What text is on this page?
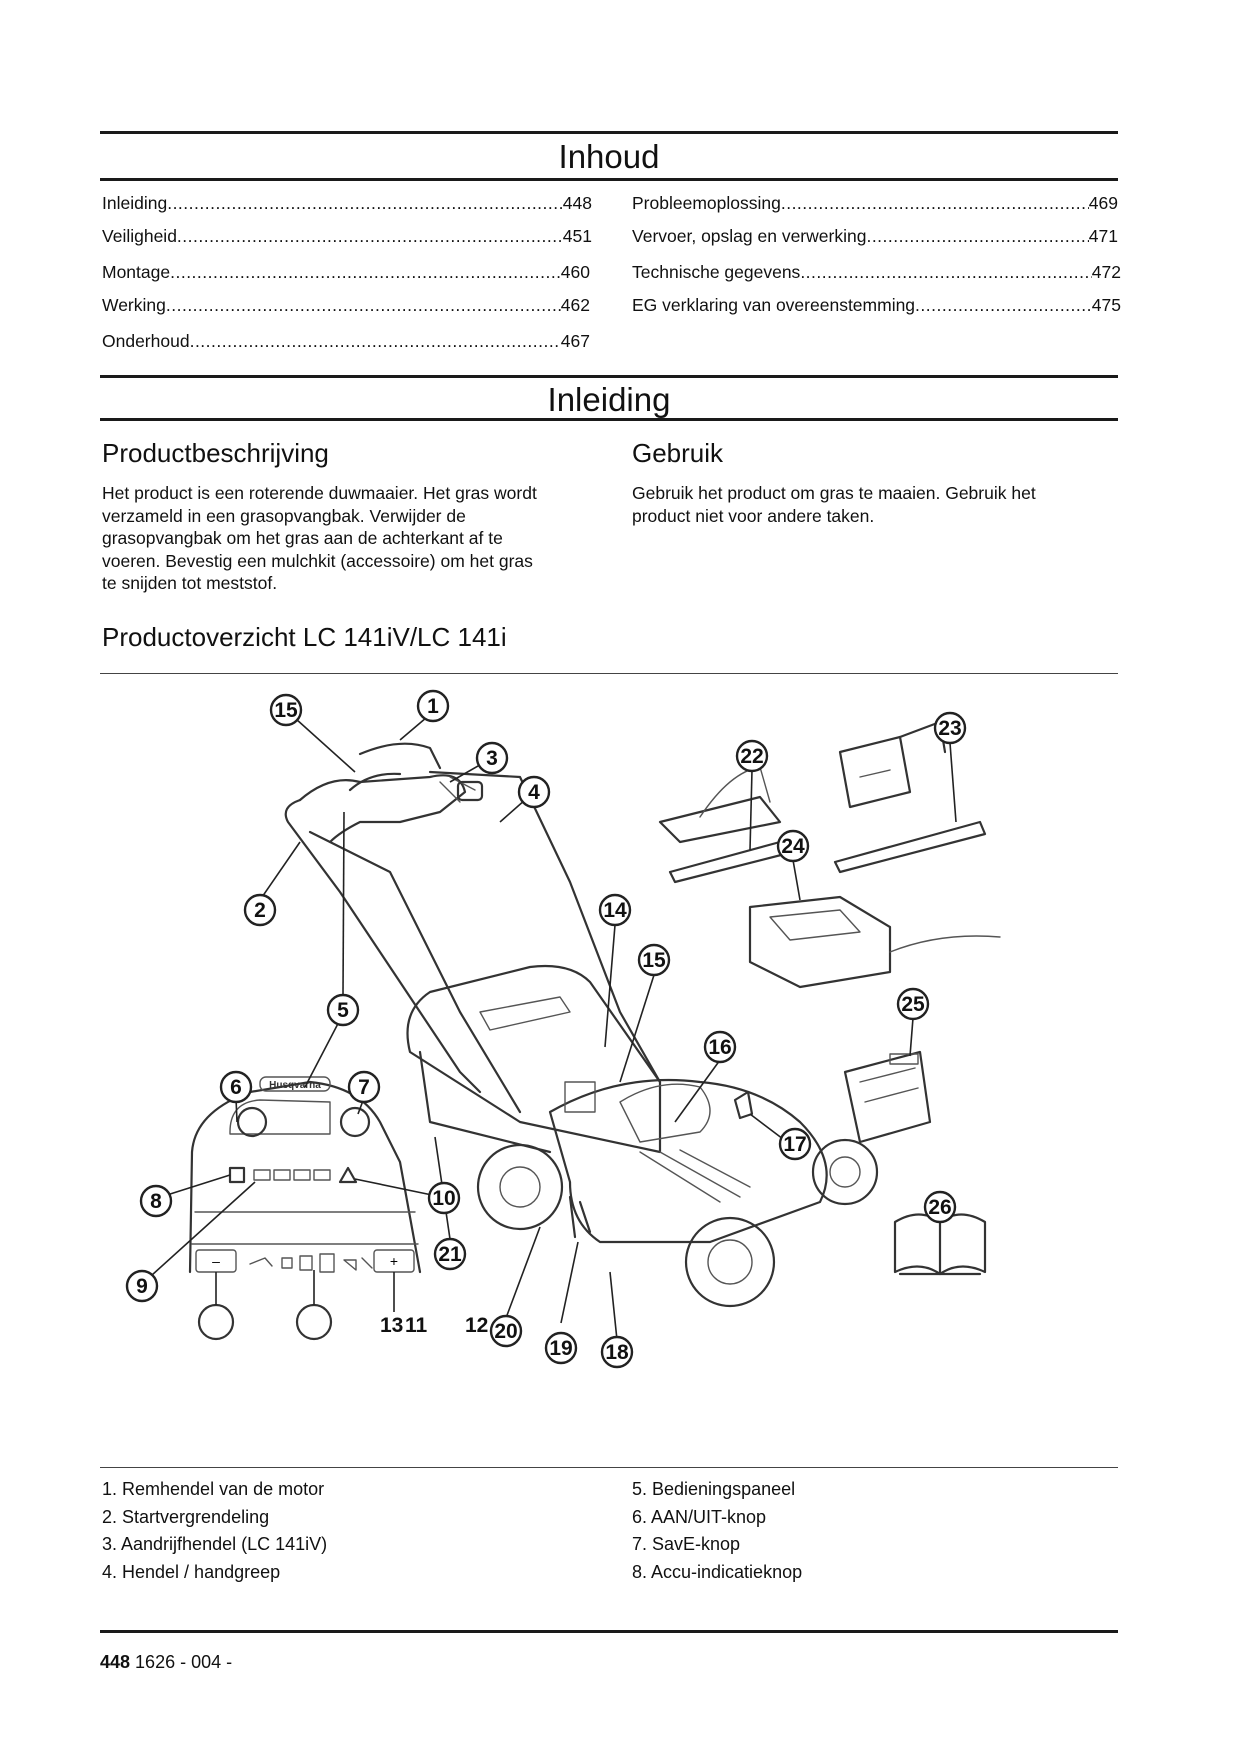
Inhoud
Inleiding .....	448
Veiligheid .....	451
Montage .....	460
Werking .....	462
Onderhoud .....	467
Probleemoplossing .....	469
Vervoer, opslag en verwerking .....	471
Technische gegevens .....	472
EG verklaring van overeenstemming .....	475
Inleiding
Productbeschrijving
Het product is een roterende duwmaaier. Het gras wordt
verzameld in een grasopvangbak. Verwijder de
grasopvangbak om het gras aan de achterkant af te
voeren. Bevestig een mulchkit (accessoire) om het gras
te snijden tot meststof.
Gebruik
Gebruik het product om gras te maaien. Gebruik het
product niet voor andere taken.
Productoverzicht LC 141iV/LC 141i
Husqvarna
–	+
13 11 12
15	1
3
4
2
5
6	7
8
9
10
21
14
15
16
17
18
19
20
22
23
24
25
26
1. Remhendel van de motor
2. Startvergrendeling
3. Aandrijfhendel (LC 141iV)
4. Hendel / handgreep
5. Bedieningspaneel
6. AAN/UIT-knop
7. SavE-knop
8. Accu-indicatieknop
448 1626 - 004 -
